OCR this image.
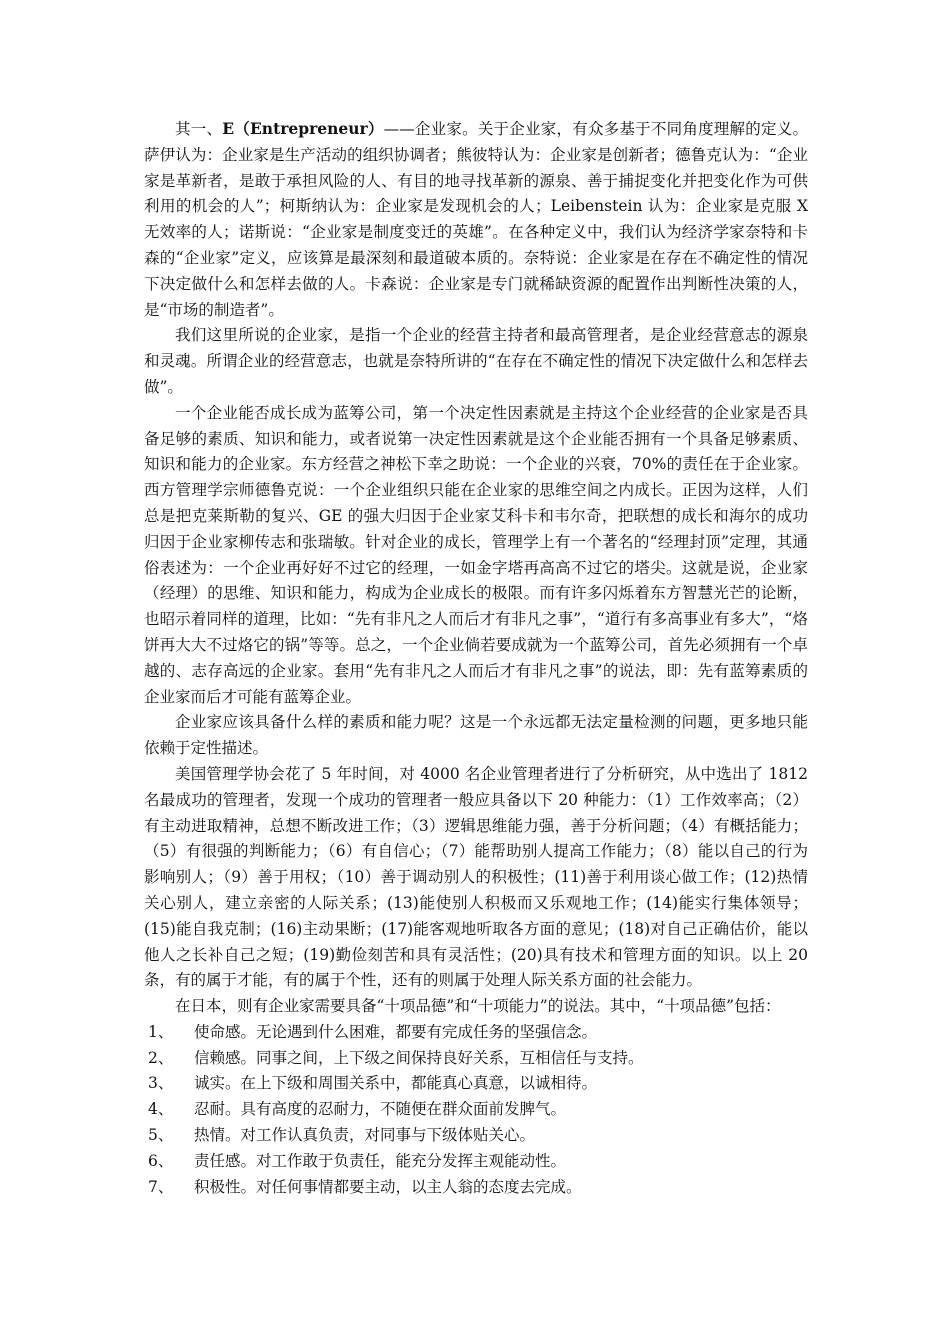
其一、E（Entrepreneur）——企业家。关于企业家，有众多基于不同角度理解的定义。萨伊认为：企业家是生产活动的组织协调者；熊彼特认为：企业家是创新者；德鲁克认为：“企业家是革新者，是敢于承担风险的人、有目的地寻找革新的源泉、善于捕捉变化并把变化作为可供利用的机会的人”；柯斯纳认为：企业家是发现机会的人；Leibenstein 认为：企业家是克服 X 无效率的人；诺斯说：“企业家是制度变迁的英雄”。在各种定义中，我们认为经济学家奈特和卡森的“企业家”定义，应该算是最深刻和最道破本质的。奈特说：企业家是在存在不确定性的情况下决定做什么和怎样去做的人。卡森说：企业家是专门就稀缺资源的配置作出判断性决策的人，是“市场的制造者”。

我们这里所说的企业家，是指一个企业的经营主持者和最高管理者，是企业经营意志的源泉和灵魂。所谓企业的经营意志，也就是奈特所讲的“在存在不确定性的情况下决定做什么和怎样去做”。

一个企业能否成长成为蓝筹公司，第一个决定性因素就是主持这个企业经营的企业家是否具备足够的素质、知识和能力，或者说第一决定性因素就是这个企业能否拥有一个具备足够素质、知识和能力的企业家。东方经营之神松下幸之助说：一个企业的兴衰，70%的责任在于企业家。西方管理学宗师德鲁克说：一个企业组织只能在企业家的思维空间之内成长。正因为这样，人们总是把克莱斯勒的复兴、GE 的强大归因于企业家艾科卡和韦尔奇，把联想的成长和海尔的成功归因于企业家柳传志和张瑞敏。针对企业的成长，管理学上有一个著名的“经理封顶”定理，其通俗表述为：一个企业再好好不过它的经理，一如金字塔再高高不过它的塔尖。这就是说，企业家（经理）的思维、知识和能力，构成为企业成长的极限。而有许多闪烁着东方智慧光芒的论断，也昭示着同样的道理，比如：“先有非凡之人而后才有非凡之事”，“道行有多高事业有多大”，“烙饼再大大不过烙它的锅”等等。总之，一个企业倘若要成就为一个蓝筹公司，首先必须拥有一个卓越的、志存高远的企业家。套用“先有非凡之人而后才有非凡之事”的说法，即：先有蓝筹素质的企业家而后才可能有蓝筹企业。

企业家应该具备什么样的素质和能力呢？这是一个永远都无法定量检测的问题，更多地只能依赖于定性描述。

美国管理学协会花了 5 年时间，对 4000 名企业管理者进行了分析研究，从中选出了 1812 名最成功的管理者，发现一个成功的管理者一般应具备以下 20 种能力：（1）工作效率高；（2）有主动进取精神，总想不断改进工作；（3）逻辑思维能力强，善于分析问题；（4）有概括能力；（5）有很强的判断能力；（6）有自信心；（7）能帮助别人提高工作能力；（8）能以自己的行为影响别人；（9）善于用权；（10）善于调动别人的积极性；(11)善于利用谈心做工作；(12)热情关心别人，建立亲密的人际关系；(13)能使别人积极而又乐观地工作；(14)能实行集体领导；(15)能自我克制；(16)主动果断；(17)能客观地听取各方面的意见；(18)对自己正确估价，能以他人之长补自己之短；(19)勤俭刻苦和具有灵活性；(20)具有技术和管理方面的知识。以上 20 条，有的属于才能，有的属于个性，还有的则属于处理人际关系方面的社会能力。

在日本，则有企业家需要具备“十项品德”和“十项能力”的说法。其中，“十项品德”包括：

1、	使命感。无论遇到什么困难，都要有完成任务的坚强信念。
2、	信赖感。同事之间，上下级之间保持良好关系，互相信任与支持。
3、	诚实。在上下级和周围关系中，都能真心真意，以诚相待。
4、	忍耐。具有高度的忍耐力，不随便在群众面前发脾气。
5、	热情。对工作认真负责，对同事与下级体贴关心。
6、	责任感。对工作敢于负责任，能充分发挥主观能动性。
7、	积极性。对任何事情都要主动，以主人翁的态度去完成。
